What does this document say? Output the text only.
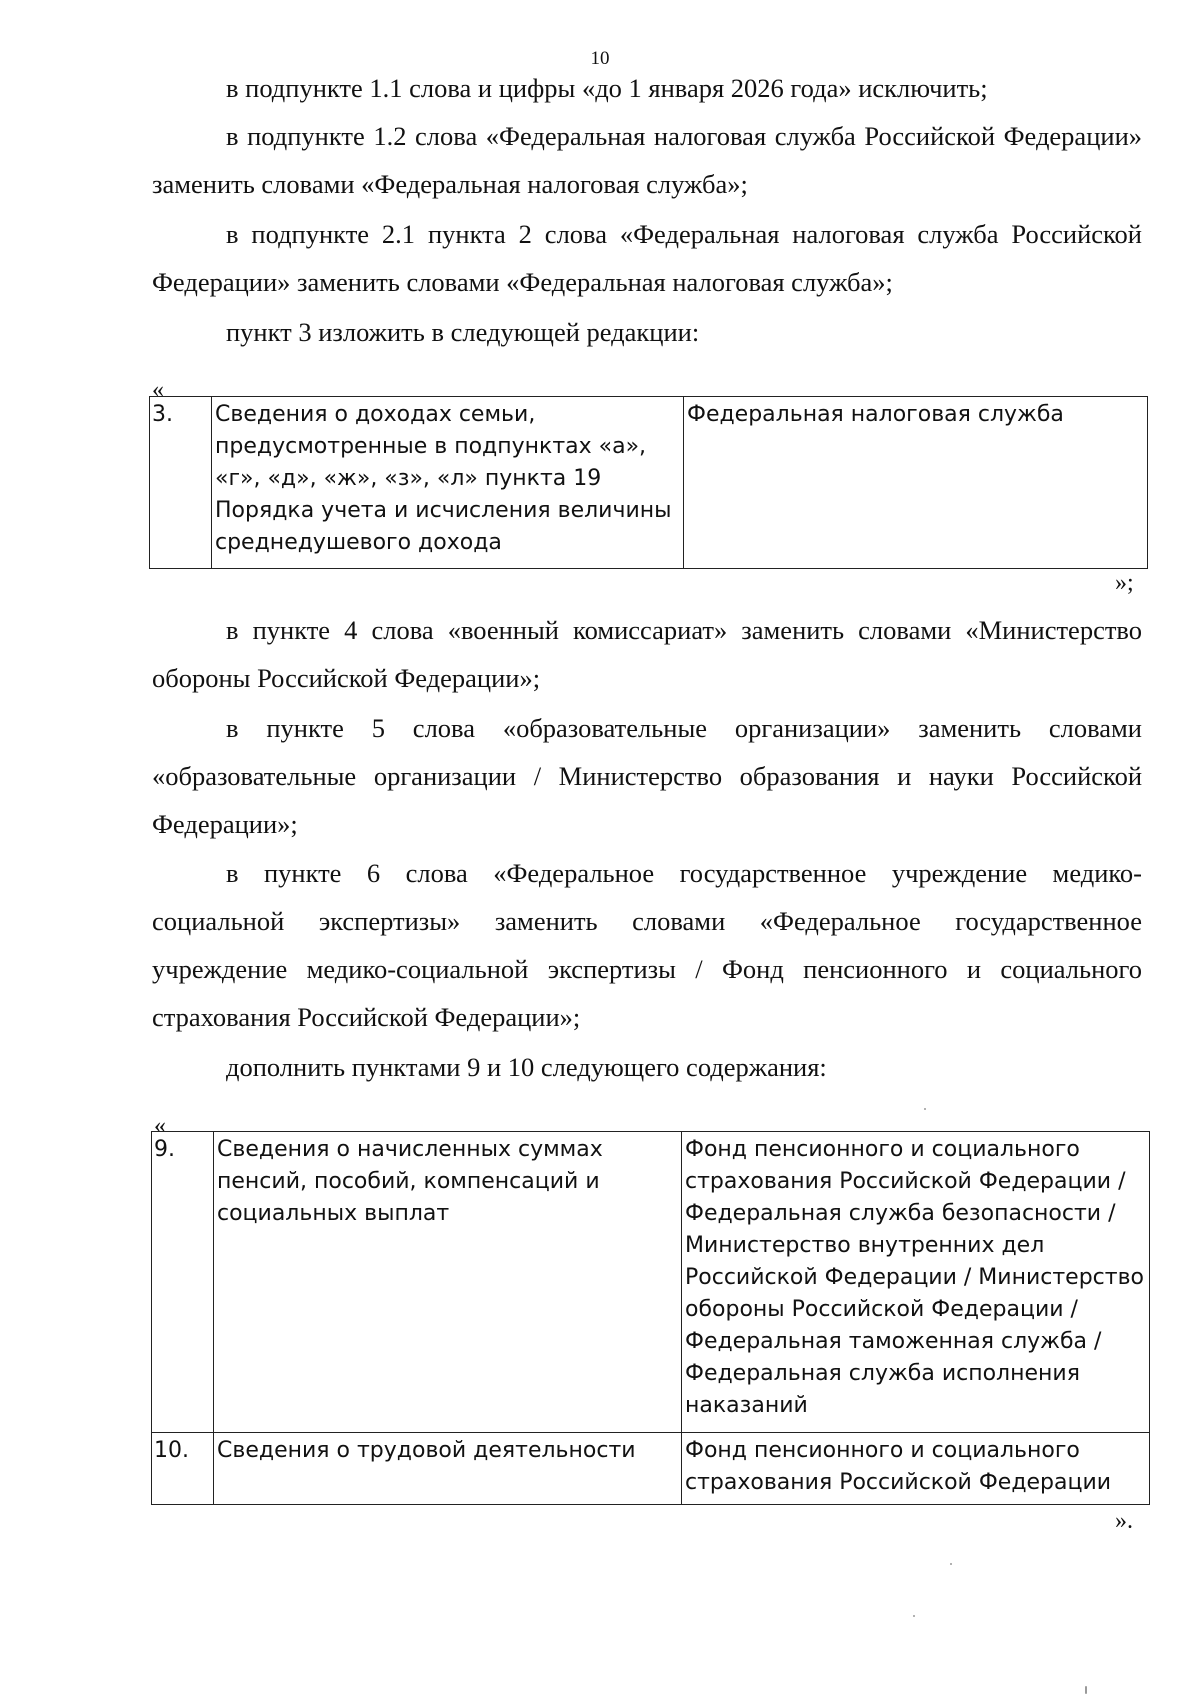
10

в подпункте 1.1 слова и цифры «до 1 января 2026 года» исключить;

в подпункте 1.2 слова «Федеральная налоговая служба Российской Федерации» заменить словами «Федеральная налоговая служба»;

в подпункте 2.1 пункта 2 слова «Федеральная налоговая служба Российской Федерации» заменить словами «Федеральная налоговая служба»;

пункт 3 изложить в следующей редакции:

«
3.	Сведения о доходах семьи, предусмотренные в подпунктах «а», «г», «д», «ж», «з», «л» пункта 19 Порядка учета и исчисления величины среднедушевого дохода	Федеральная налоговая служба
»;

в пункте 4 слова «военный комиссариат» заменить словами «Министерство обороны Российской Федерации»;

в пункте 5 слова «образовательные организации» заменить словами «образовательные организации / Министерство образования и науки Российской Федерации»;

в пункте 6 слова «Федеральное государственное учреждение медико-социальной экспертизы» заменить словами «Федеральное государственное учреждение медико-социальной экспертизы / Фонд пенсионного и социального страхования Российской Федерации»;

дополнить пунктами 9 и 10 следующего содержания:

«
9.	Сведения о начисленных суммах пенсий, пособий, компенсаций и социальных выплат	Фонд пенсионного и социального страхования Российской Федерации / Федеральная служба безопасности / Министерство внутренних дел Российской Федерации / Министерство обороны Российской Федерации / Федеральная таможенная служба / Федеральная служба исполнения наказаний
10.	Сведения о трудовой деятельности	Фонд пенсионного и социального страхования Российской Федерации
».
